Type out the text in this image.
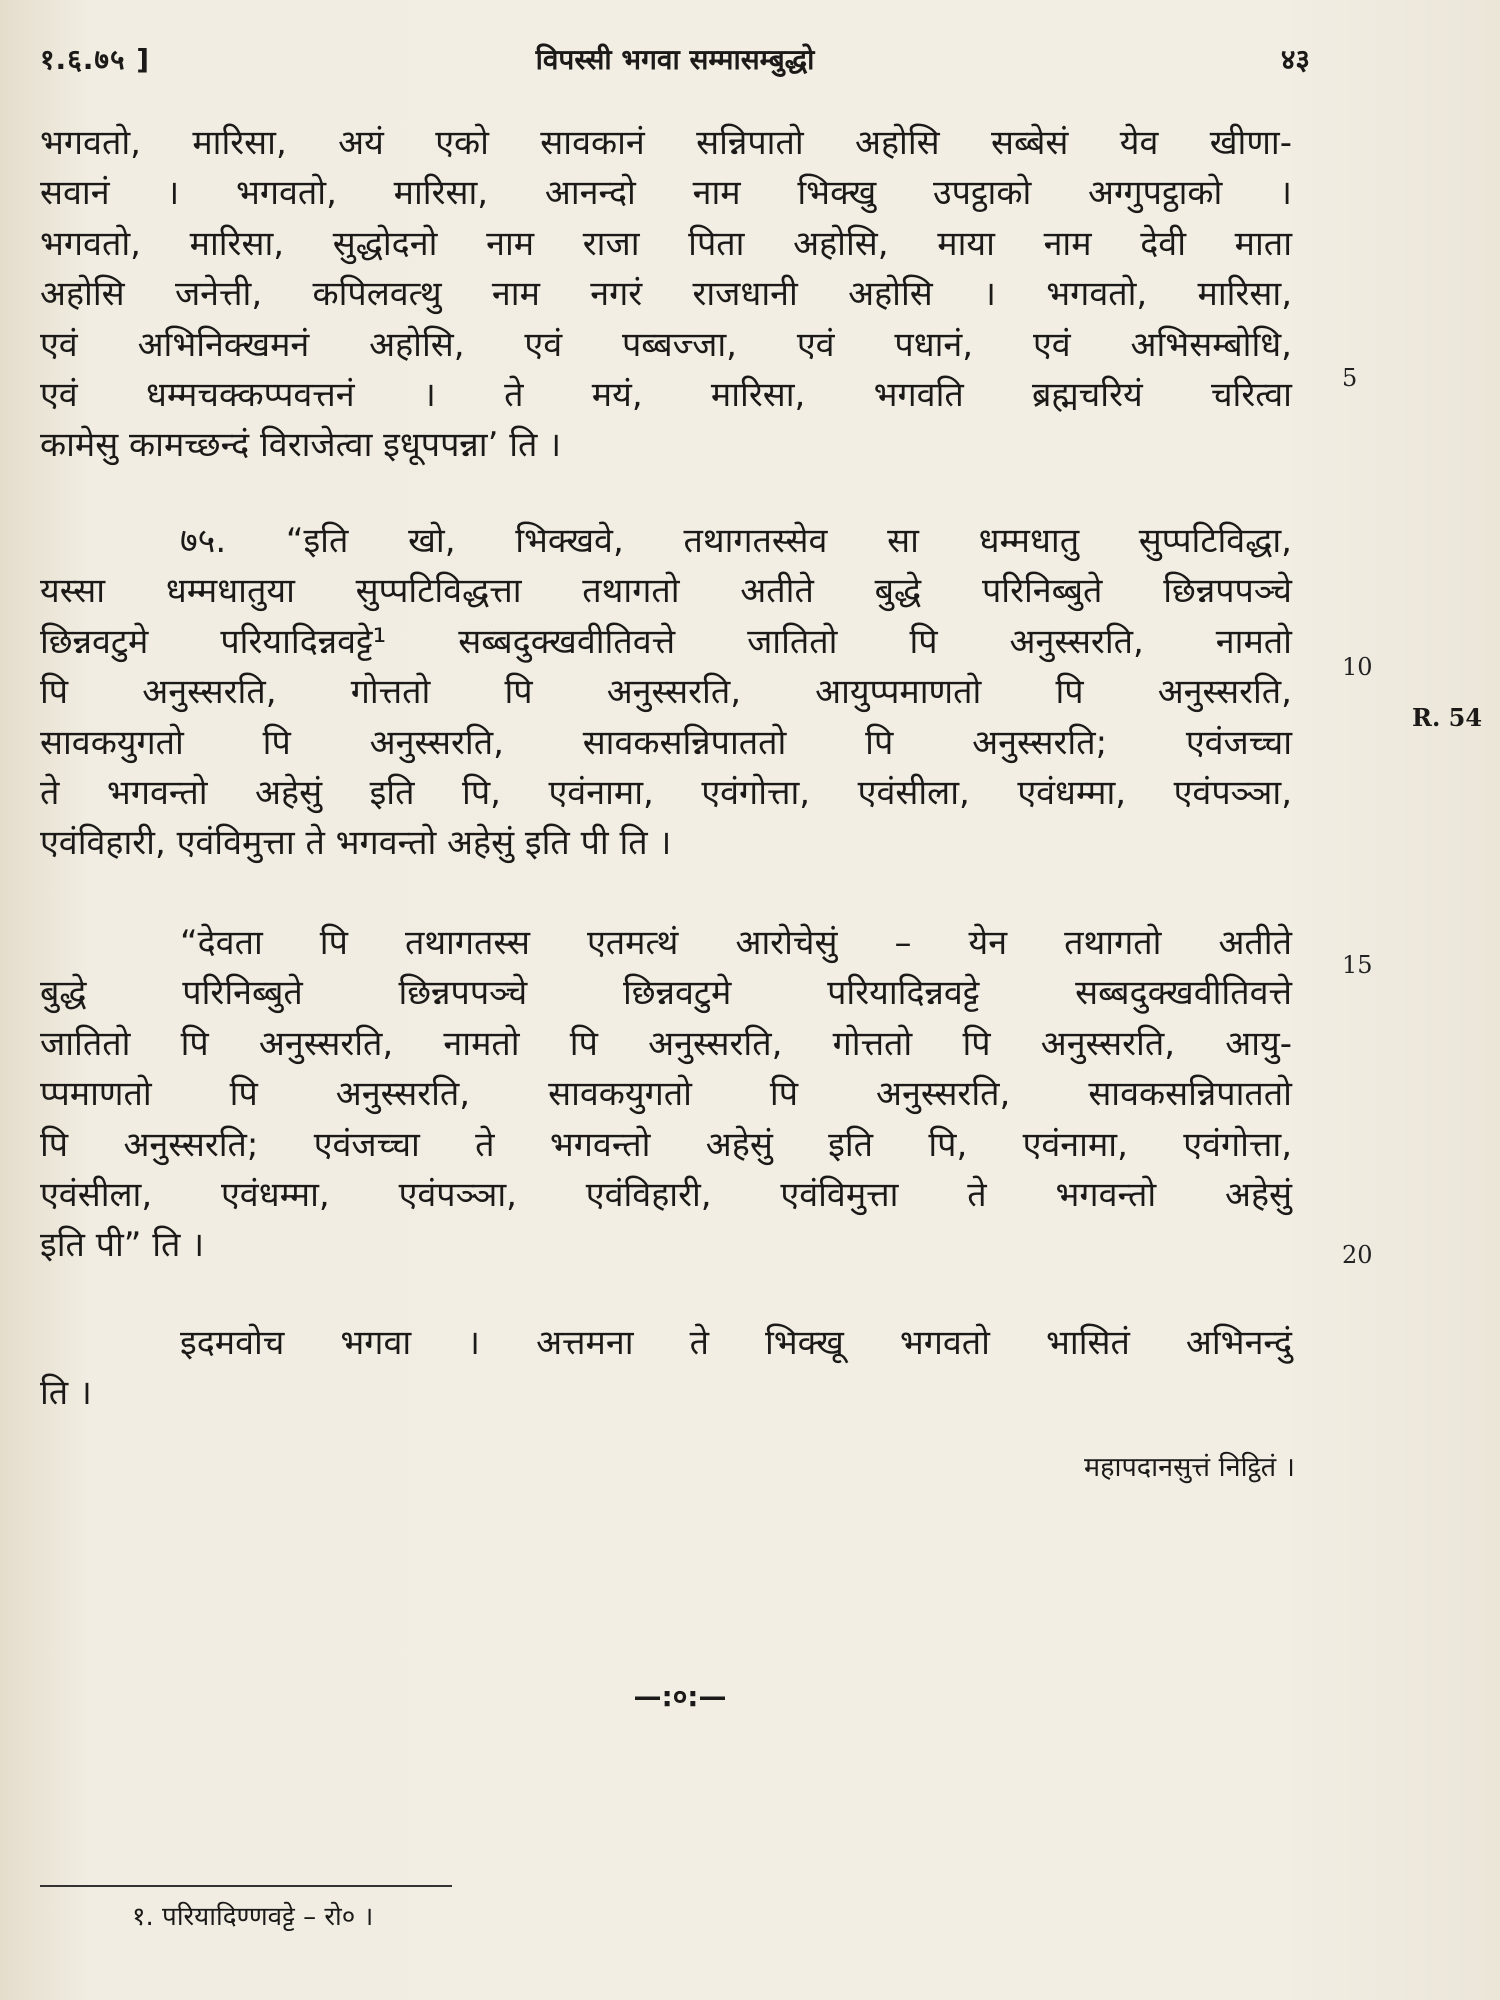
१.६.७५ ]	विपस्सी भगवा सम्मासम्बुद्धो	४३
भगवतो, मारिसा, अयं एको सावकानं सन्निपातो अहोसि सब्बेसं येव खीणा-
सवानं । भगवतो, मारिसा, आनन्दो नाम भिक्खु उपट्ठाको अग्गुपट्ठाको ।
भगवतो, मारिसा, सुद्धोदनो नाम राजा पिता अहोसि, माया नाम देवी माता
अहोसि जनेत्ती, कपिलवत्थु नाम नगरं राजधानी अहोसि । भगवतो, मारिसा,
एवं अभिनिक्खमनं अहोसि, एवं पब्बज्जा, एवं पधानं, एवं अभिसम्बोधि,
एवं धम्मचक्कप्पवत्तनं । ते मयं, मारिसा, भगवति ब्रह्मचरियं चरित्वा
कामेसु कामच्छन्दं विराजेत्वा इधूपपन्ना’ ति ।
७५. “इति खो, भिक्खवे, तथागतस्सेव सा धम्मधातु सुप्पटिविद्धा,
यस्सा धम्मधातुया सुप्पटिविद्धत्ता तथागतो अतीते बुद्धे परिनिब्बुते छिन्नपपञ्चे
छिन्नवटुमे परियादिन्नवट्टे¹ सब्बदुक्खवीतिवत्ते जातितो पि अनुस्सरति, नामतो
पि अनुस्सरति, गोत्ततो पि अनुस्सरति, आयुप्पमाणतो पि अनुस्सरति,
सावकयुगतो पि अनुस्सरति, सावकसन्निपाततो पि अनुस्सरति; एवंजच्चा
ते भगवन्तो अहेसुं इति पि, एवंनामा, एवंगोत्ता, एवंसीला, एवंधम्मा, एवंपञ्ञा,
एवंविहारी, एवंविमुत्ता ते भगवन्तो अहेसुं इति पी ति ।
“देवता पि तथागतस्स एतमत्थं आरोचेसुं – येन तथागतो अतीते
बुद्धे परिनिब्बुते छिन्नपपञ्चे छिन्नवटुमे परियादिन्नवट्टे सब्बदुक्खवीतिवत्ते
जातितो पि अनुस्सरति, नामतो पि अनुस्सरति, गोत्ततो पि अनुस्सरति, आयु-
प्पमाणतो पि अनुस्सरति, सावकयुगतो पि अनुस्सरति, सावकसन्निपाततो
पि अनुस्सरति; एवंजच्चा ते भगवन्तो अहेसुं इति पि, एवंनामा, एवंगोत्ता,
एवंसीला, एवंधम्मा, एवंपञ्ञा, एवंविहारी, एवंविमुत्ता ते भगवन्तो अहेसुं
इति पी” ति ।
इदमवोच भगवा । अत्तमना ते भिक्खू भगवतो भासितं अभिनन्दुं
ति ।
5
10
15
20
R. 54
महापदानसुत्तं निट्ठितं ।
—:०:—
१. परियादिण्णवट्टे – रो० ।
